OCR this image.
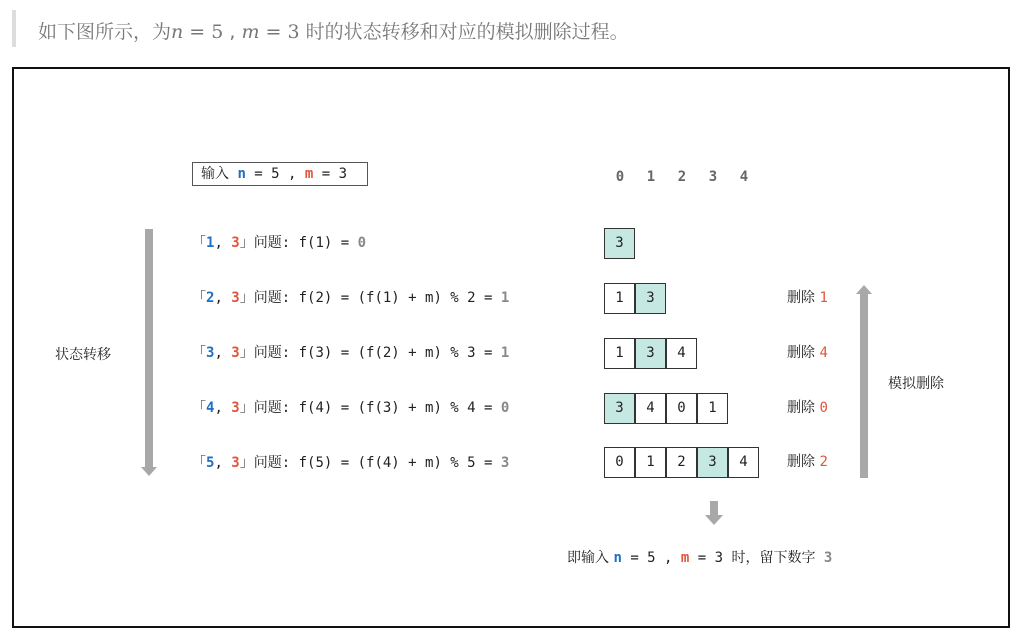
如下图所示，为n = 5 , m = 3 时的状态转移和对应的模拟删除过程。
输入 n = 5 , m = 3	0	1	2	3	4
状态转移
「1, 3」问题: f(1) = 0
「2, 3」问题: f(2) = (f(1) + m) % 2 = 1
「3, 3」问题: f(3) = (f(2) + m) % 3 = 1
「4, 3」问题: f(4) = (f(3) + m) % 4 = 0
「5, 3」问题: f(5) = (f(4) + m) % 5 = 3
3
1	3
1	3	4
3	4	0	1
0	1	2	3	4
删除 1
删除 4
删除 0
删除 2
模拟删除
即输入 n = 5 , m = 3 时，留下数字 3
